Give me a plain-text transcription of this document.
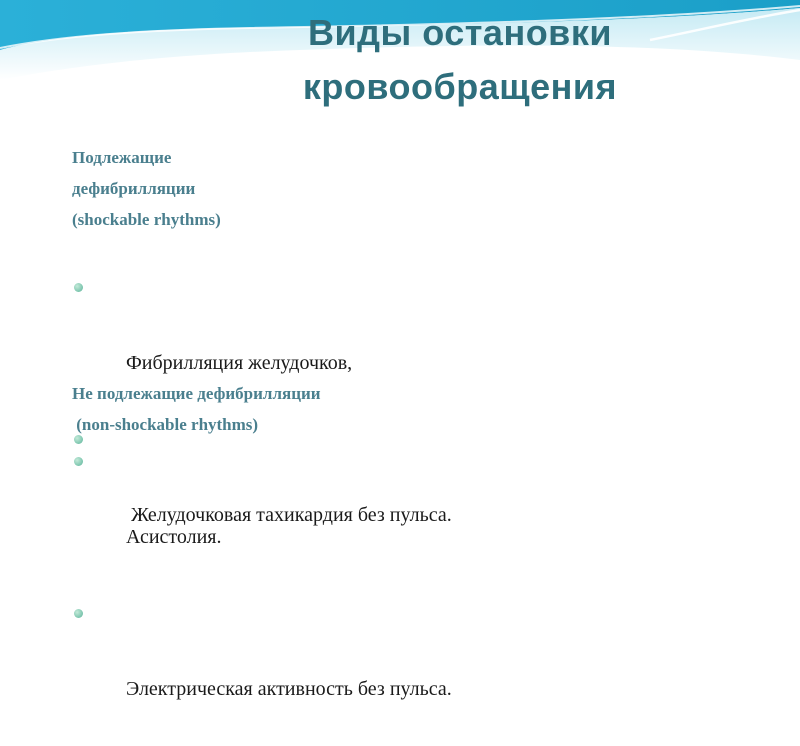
Виды остановки
кровообращения
Подлежащие
дефибрилляции
(shockable rhythms)

Фибрилляция желудочков,

Желудочковая тахикардия без пульса.

Не подлежащие дефибрилляции
(non-shockable rhythms)

Асистолия.

Электрическая активность без пульса.
